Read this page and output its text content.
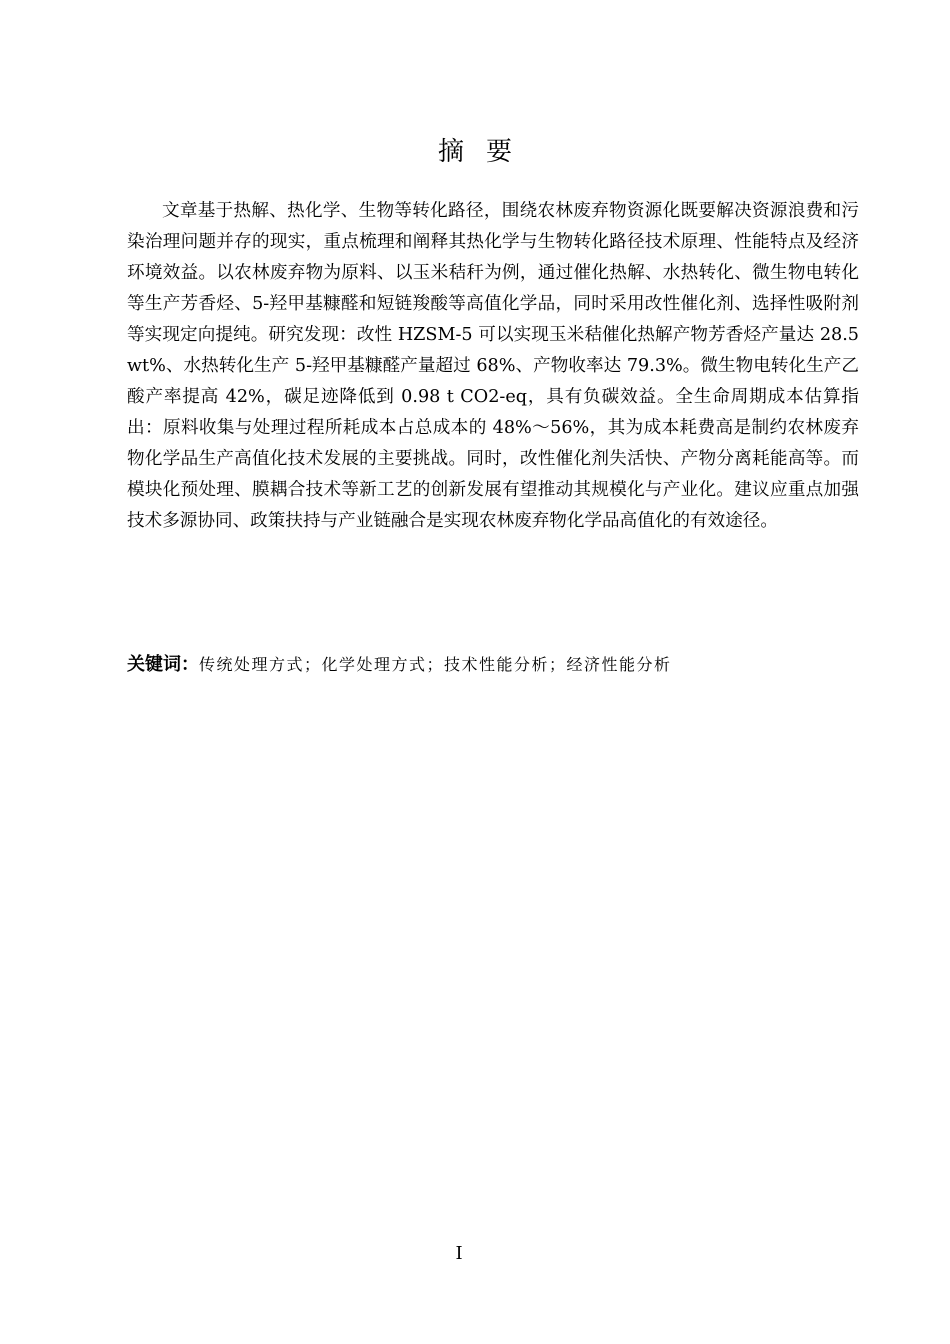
摘要

文章基于热解、热化学、生物等转化路径，围绕农林废弃物资源化既要解决资源浪费和污染治理问题并存的现实，重点梳理和阐释其热化学与生物转化路径技术原理、性能特点及经济环境效益。以农林废弃物为原料、以玉米秸秆为例，通过催化热解、水热转化、微生物电转化等生产芳香烃、5-羟甲基糠醛和短链羧酸等高值化学品，同时采用改性催化剂、选择性吸附剂等实现定向提纯。研究发现：改性 HZSM-5 可以实现玉米秸催化热解产物芳香烃产量达 28.5 wt%、水热转化生产 5-羟甲基糠醛产量超过 68%、产物收率达 79.3%。微生物电转化生产乙酸产率提高 42%，碳足迹降低到 0.98 t CO2-eq，具有负碳效益。全生命周期成本估算指出：原料收集与处理过程所耗成本占总成本的 48%～56%，其为成本耗费高是制约农林废弃物化学品生产高值化技术发展的主要挑战。同时，改性催化剂失活快、产物分离耗能高等。而模块化预处理、膜耦合技术等新工艺的创新发展有望推动其规模化与产业化。建议应重点加强技术多源协同、政策扶持与产业链融合是实现农林废弃物化学品高值化的有效途径。

关键词：传统处理方式；化学处理方式；技术性能分析；经济性能分析
I
